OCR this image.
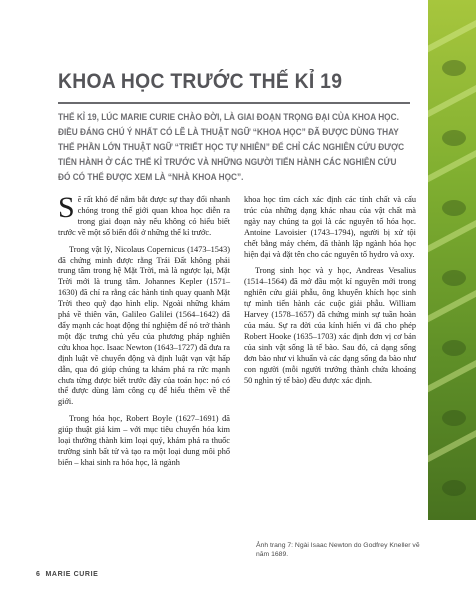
KHOA HỌC TRƯỚC THẾ KỈ 19

THẾ KỈ 19, LÚC MARIE CURIE CHÀO ĐỜI, LÀ GIAI ĐOẠN TRỌNG ĐẠI CỦA KHOA HỌC. ĐIỀU ĐÁNG CHÚ Ý NHẤT CÓ LẼ LÀ THUẬT NGỮ “KHOA HỌC” ĐÃ ĐƯỢC DÙNG THAY THẾ PHẦN LỚN THUẬT NGỮ “TRIẾT HỌC TỰ NHIÊN” ĐỂ CHỈ CÁC NGHIÊN CỨU ĐƯỢC TIẾN HÀNH Ở CÁC THẾ KỈ TRƯỚC VÀ NHỮNG NGƯỜI TIẾN HÀNH CÁC NGHIÊN CỨU ĐÓ CÓ THỂ ĐƯỢC XEM LÀ “NHÀ KHOA HỌC”.

Sẽ rất khó để nắm bắt được sự thay đổi nhanh chóng trong thế giới quan khoa học diễn ra trong giai đoạn này nếu không có hiểu biết trước về một số biến đổi ở những thế kỉ trước.

Trong vật lý, Nicolaus Copernicus (1473–1543) đã chứng minh được rằng Trái Đất không phải trung tâm trong hệ Mặt Trời, mà là ngược lại, Mặt Trời mới là trung tâm. Johannes Kepler (1571–1630) đã chỉ ra rằng các hành tinh quay quanh Mặt Trời theo quỹ đạo hình elip. Ngoài những khám phá về thiên văn, Galileo Galilei (1564–1642) đã đẩy mạnh các hoạt động thí nghiệm để nó trở thành một đặc trưng chủ yếu của phương pháp nghiên cứu khoa học. Isaac Newton (1643–1727) đã đưa ra định luật về chuyển động và định luật vạn vật hấp dẫn, qua đó giúp chúng ta khám phá ra rức mạnh chưa từng được biết trước đây của toán học: nó có thể được dùng làm công cụ để hiểu thêm về thế giới.

Trong hóa học, Robert Boyle (1627–1691) đã giúp thuật giả kim – với mục tiêu chuyển hóa kim loại thường thành kim loại quý, khám phá ra thuốc trường sinh bất tử và tạo ra một loại dung môi phổ biến – khai sinh ra hóa học, là ngành

khoa học tìm cách xác định các tính chất và cấu trúc của những dạng khác nhau của vật chất mà ngày nay chúng ta gọi là các nguyên tố hóa học. Antoine Lavoisier (1743–1794), người bị xử tội chết bằng máy chém, đã thành lập ngành hóa học hiện đại và đặt tên cho các nguyên tố hydro và oxy.

Trong sinh học và y học, Andreas Vesalius (1514–1564) đã mở đầu một kỉ nguyên mới trong nghiên cứu giải phẫu, ông khuyến khích học sinh tự mình tiến hành các cuộc giải phẫu. William Harvey (1578–1657) đã chứng minh sự tuần hoàn của máu. Sự ra đời của kính hiển vi đã cho phép Robert Hooke (1635–1703) xác định đơn vị cơ bản của sinh vật sống là tế bào. Sau đó, cả dạng sống đơn bào như vi khuẩn và các dạng sống đa bào như con người (mỗi người trưởng thành chứa khoảng 50 nghìn tỷ tế bào) đều được xác định.

Ảnh trang 7: Ngài Isaac Newton do Godfrey Kneller vẽ năm 1689.

6 MARIE CURIE
